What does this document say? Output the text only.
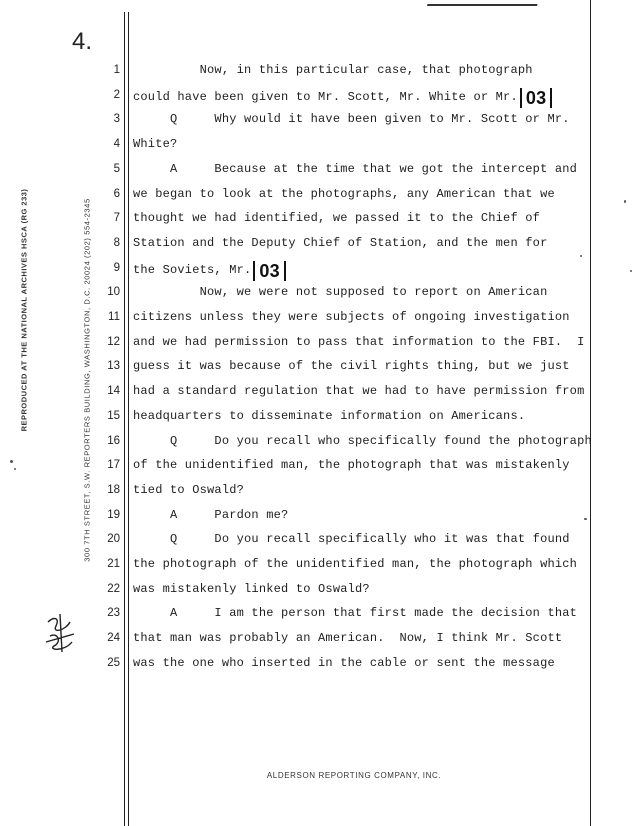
4.
REPRODUCED AT THE NATIONAL ARCHIVES HSCA (RG 233)	300 7TH STREET, S.W. REPORTERS BUILDING, WASHINGTON, D.C. 20024 (202) 554-2345
1 Now, in this particular case, that photograph
2 could have been given to Mr. Scott, Mr. White or Mr. 03
3 Q     Why would it have been given to Mr. Scott or Mr.
4 White?
5 A     Because at the time that we got the intercept and
6 we began to look at the photographs, any American that we
7 thought we had identified, we passed it to the Chief of
8 Station and the Deputy Chief of Station, and the men for
9 the Soviets, Mr. 03
10 Now, we were not supposed to report on American
11 citizens unless they were subjects of ongoing investigation
12 and we had permission to pass that information to the FBI.  I
13 guess it was because of the civil rights thing, but we just
14 had a standard regulation that we had to have permission from
15 headquarters to disseminate information on Americans.
16 Q     Do you recall who specifically found the photograph
17 of the unidentified man, the photograph that was mistakenly
18 tied to Oswald?
19 A     Pardon me?
20 Q     Do you recall specifically who it was that found
21 the photograph of the unidentified man, the photograph which
22 was mistakenly linked to Oswald?
23 A     I am the person that first made the decision that
24 that man was probably an American.  Now, I think Mr. Scott
25 was the one who inserted in the cable or sent the message
ALDERSON REPORTING COMPANY, INC.
